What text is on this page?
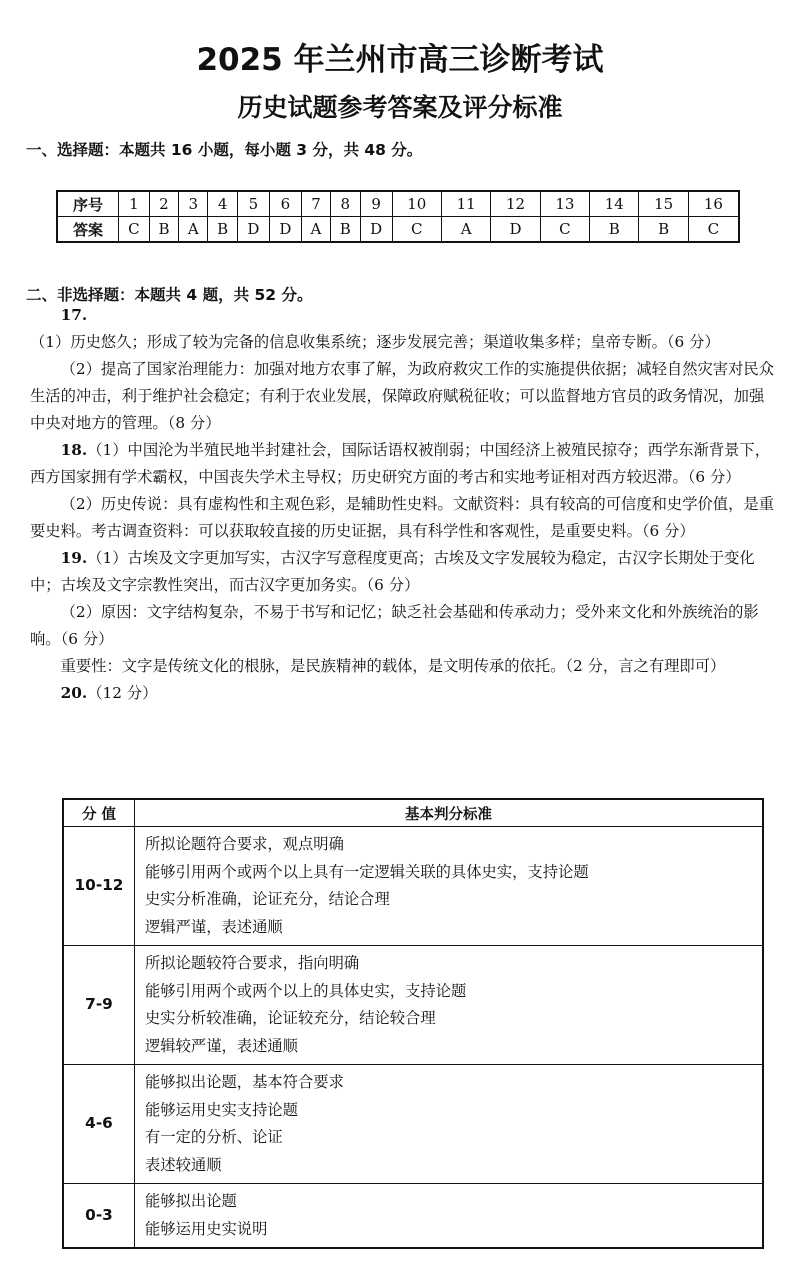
2025 年兰州市高三诊断考试
历史试题参考答案及评分标准
一、选择题：本题共 16 小题，每小题 3 分，共 48 分。
序号	1	2	3	4	5	6	7	8	9	10	11	12	13	14	15	16
答案	C	B	A	B	D	D	A	B	D	C	A	D	C	B	B	C
二、非选择题：本题共 4 题，共 52 分。

17.（1）历史悠久；形成了较为完备的信息收集系统；逐步发展完善；渠道收集多样；皇帝专断。（6 分）

（2）提高了国家治理能力：加强对地方农事了解，为政府救灾工作的实施提供依据；减轻自然灾害对民众生活的冲击，利于维护社会稳定；有利于农业发展，保障政府赋税征收；可以监督地方官员的政务情况，加强中央对地方的管理。（8 分）

18.（1）中国沦为半殖民地半封建社会，国际话语权被削弱；中国经济上被殖民掠夺；西学东渐背景下，西方国家拥有学术霸权，中国丧失学术主导权；历史研究方面的考古和实地考证相对西方较迟滞。（6 分）

（2）历史传说：具有虚构性和主观色彩，是辅助性史料。文献资料：具有较高的可信度和史学价值，是重要史料。考古调查资料：可以获取较直接的历史证据，具有科学性和客观性，是重要史料。（6 分）

19.（1）古埃及文字更加写实，古汉字写意程度更高；古埃及文字发展较为稳定，古汉字长期处于变化中；古埃及文字宗教性突出，而古汉字更加务实。（6 分）

（2）原因：文字结构复杂，不易于书写和记忆；缺乏社会基础和传承动力；受外来文化和外族统治的影响。（6 分）

重要性：文字是传统文化的根脉，是民族精神的载体，是文明传承的依托。（2 分，言之有理即可）

20.（12 分）

分 值	基本判分标准
10-12	所拟论题符合要求，观点明确
能够引用两个或两个以上具有一定逻辑关联的具体史实，支持论题
史实分析准确，论证充分，结论合理
逻辑严谨，表述通顺

7-9	所拟论题较符合要求，指向明确
能够引用两个或两个以上的具体史实，支持论题
史实分析较准确，论证较充分，结论较合理
逻辑较严谨，表述通顺

4-6	能够拟出论题，基本符合要求
能够运用史实支持论题
有一定的分析、论证
表述较通顺

0-3	能够拟出论题
能够运用史实说明
